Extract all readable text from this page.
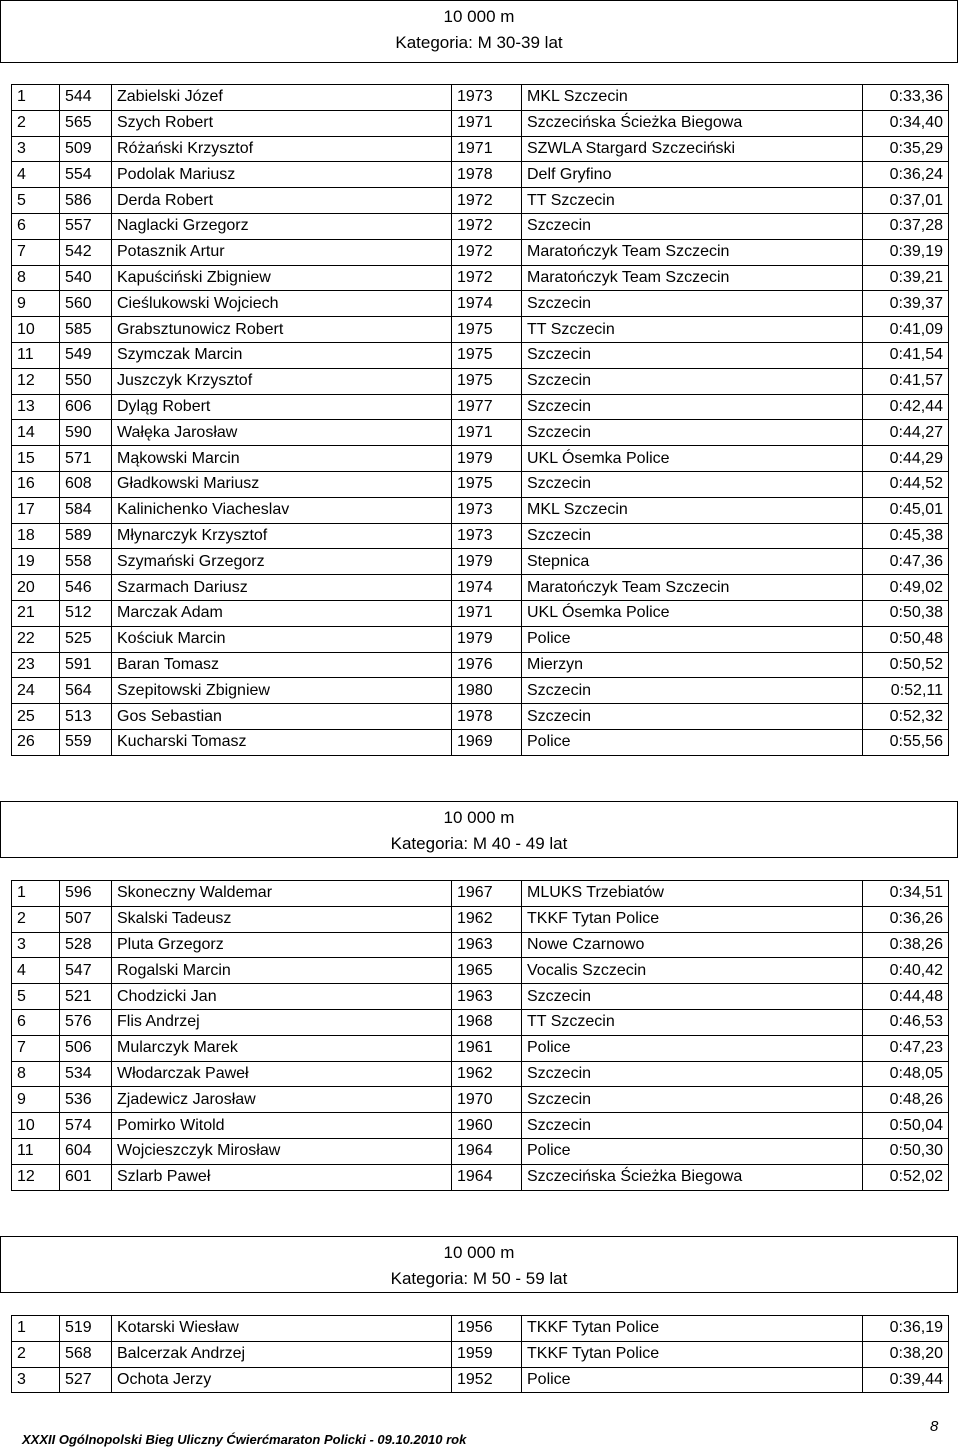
10 000 m
Kategoria: M 30-39 lat
1	544	Zabielski Józef	1973	MKL Szczecin	0:33,36
2	565	Szych Robert	1971	Szczecińska Ścieżka Biegowa	0:34,40
3	509	Różański Krzysztof	1971	SZWLA Stargard Szczeciński	0:35,29
4	554	Podolak Mariusz	1978	Delf Gryfino	0:36,24
5	586	Derda Robert	1972	TT Szczecin	0:37,01
6	557	Naglacki Grzegorz	1972	Szczecin	0:37,28
7	542	Potasznik Artur	1972	Maratończyk Team Szczecin	0:39,19
8	540	Kapuściński Zbigniew	1972	Maratończyk Team Szczecin	0:39,21
9	560	Cieślukowski Wojciech	1974	Szczecin	0:39,37
10	585	Grabsztunowicz Robert	1975	TT Szczecin	0:41,09
11	549	Szymczak Marcin	1975	Szczecin	0:41,54
12	550	Juszczyk Krzysztof	1975	Szczecin	0:41,57
13	606	Dyląg Robert	1977	Szczecin	0:42,44
14	590	Wałęka Jarosław	1971	Szczecin	0:44,27
15	571	Mąkowski Marcin	1979	UKL Ósemka Police	0:44,29
16	608	Gładkowski Mariusz	1975	Szczecin	0:44,52
17	584	Kalinichenko Viacheslav	1973	MKL Szczecin	0:45,01
18	589	Młynarczyk Krzysztof	1973	Szczecin	0:45,38
19	558	Szymański Grzegorz	1979	Stepnica	0:47,36
20	546	Szarmach Dariusz	1974	Maratończyk Team Szczecin	0:49,02
21	512	Marczak Adam	1971	UKL Ósemka Police	0:50,38
22	525	Kościuk Marcin	1979	Police	0:50,48
23	591	Baran Tomasz	1976	Mierzyn	0:50,52
24	564	Szepitowski Zbigniew	1980	Szczecin	0:52,11
25	513	Gos Sebastian	1978	Szczecin	0:52,32
26	559	Kucharski Tomasz	1969	Police	0:55,56
10 000 m
Kategoria: M 40 - 49 lat
1	596	Skoneczny Waldemar	1967	MLUKS Trzebiatów	0:34,51
2	507	Skalski Tadeusz	1962	TKKF Tytan Police	0:36,26
3	528	Pluta Grzegorz	1963	Nowe Czarnowo	0:38,26
4	547	Rogalski Marcin	1965	Vocalis Szczecin	0:40,42
5	521	Chodzicki Jan	1963	Szczecin	0:44,48
6	576	Flis Andrzej	1968	TT Szczecin	0:46,53
7	506	Mularczyk Marek	1961	Police	0:47,23
8	534	Włodarczak Paweł	1962	Szczecin	0:48,05
9	536	Zjadewicz Jarosław	1970	Szczecin	0:48,26
10	574	Pomirko Witold	1960	Szczecin	0:50,04
11	604	Wojcieszczyk Mirosław	1964	Police	0:50,30
12	601	Szlarb Paweł	1964	Szczecińska Ścieżka Biegowa	0:52,02
10 000 m
Kategoria: M 50 - 59 lat
1	519	Kotarski Wiesław	1956	TKKF Tytan Police	0:36,19
2	568	Balcerzak Andrzej	1959	TKKF Tytan Police	0:38,20
3	527	Ochota Jerzy	1952	Police	0:39,44
XXXII Ogólnopolski Bieg Uliczny Ćwierćmaraton Policki - 09.10.2010 rok
8
